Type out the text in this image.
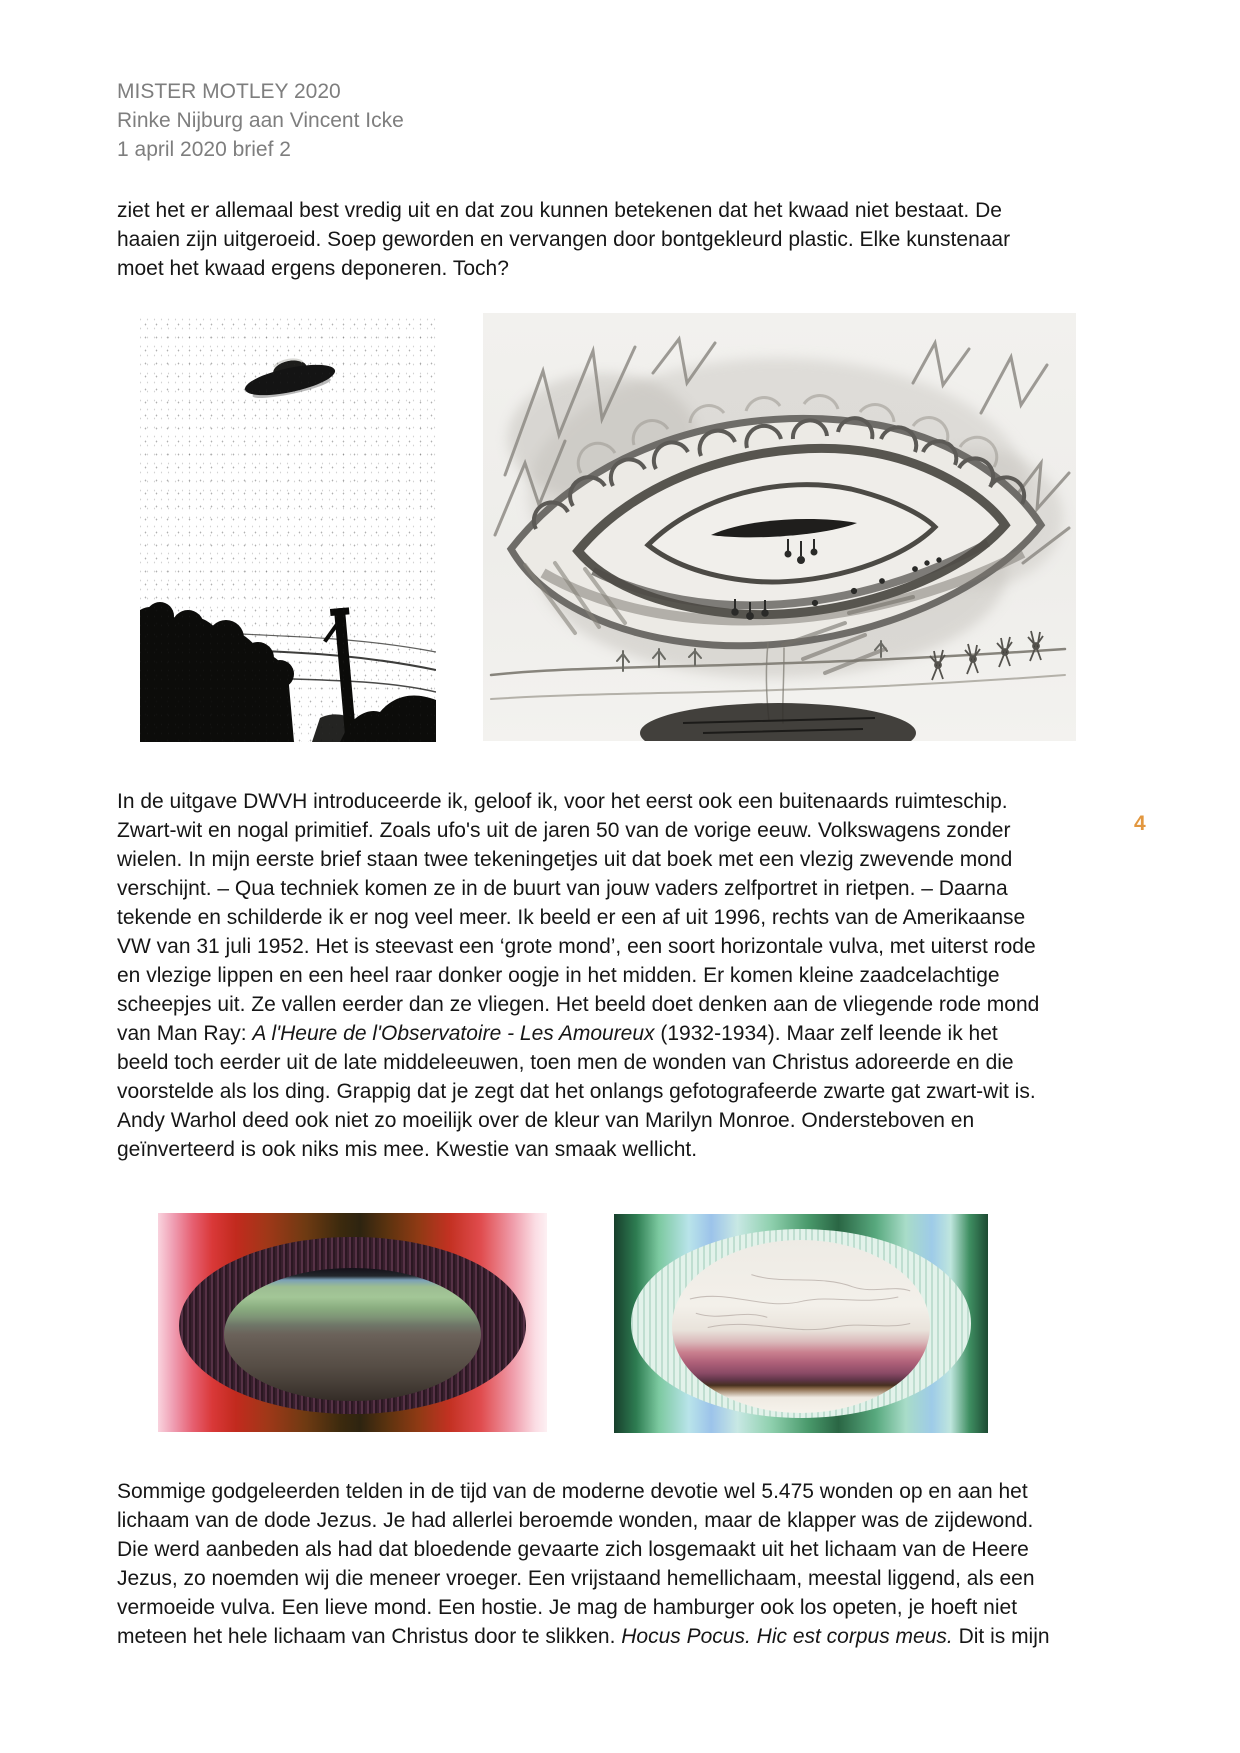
MISTER MOTLEY 2020
Rinke Nijburg aan Vincent Icke
1 april 2020 brief 2
ziet het er allemaal best vredig uit en dat zou kunnen betekenen dat het kwaad niet bestaat. De
haaien zijn uitgeroeid. Soep geworden en vervangen door bontgekleurd plastic. Elke kunstenaar
moet het kwaad ergens deponeren. Toch?
In de uitgave DWVH introduceerde ik, geloof ik, voor het eerst ook een buitenaards ruimteschip.
Zwart-wit en nogal primitief. Zoals ufo's uit de jaren 50 van de vorige eeuw. Volkswagens zonder
wielen. In mijn eerste brief staan twee tekeningetjes uit dat boek met een vlezig zwevende mond
verschijnt. – Qua techniek komen ze in de buurt van jouw vaders zelfportret in rietpen. – Daarna
tekende en schilderde ik er nog veel meer. Ik beeld er een af uit 1996, rechts van de Amerikaanse
VW van 31 juli 1952. Het is steevast een ‘grote mond’, een soort horizontale vulva, met uiterst rode
en vlezige lippen en een heel raar donker oogje in het midden. Er komen kleine zaadcelachtige
scheepjes uit. Ze vallen eerder dan ze vliegen. Het beeld doet denken aan de vliegende rode mond
van Man Ray: A l'Heure de l'Observatoire - Les Amoureux (1932-1934). Maar zelf leende ik het
beeld toch eerder uit de late middeleeuwen, toen men de wonden van Christus adoreerde en die
voorstelde als los ding. Grappig dat je zegt dat het onlangs gefotografeerde zwarte gat zwart-wit is.
Andy Warhol deed ook niet zo moeilijk over de kleur van Marilyn Monroe. Ondersteboven en
geïnverteerd is ook niks mis mee. Kwestie van smaak wellicht.
4
Sommige godgeleerden telden in de tijd van de moderne devotie wel 5.475 wonden op en aan het
lichaam van de dode Jezus. Je had allerlei beroemde wonden, maar de klapper was de zijdewond.
Die werd aanbeden als had dat bloedende gevaarte zich losgemaakt uit het lichaam van de Heere
Jezus, zo noemden wij die meneer vroeger. Een vrijstaand hemellichaam, meestal liggend, als een
vermoeide vulva. Een lieve mond. Een hostie. Je mag de hamburger ook los opeten, je hoeft niet
meteen het hele lichaam van Christus door te slikken. Hocus Pocus. Hic est corpus meus. Dit is mijn
